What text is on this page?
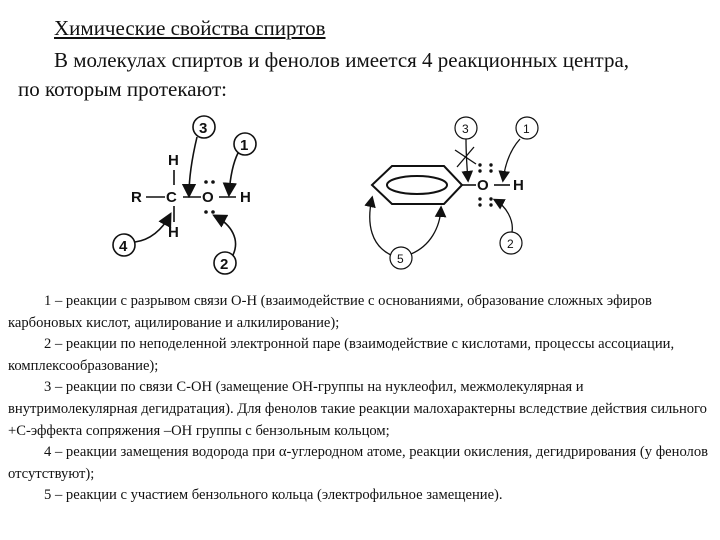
Химические свойства спиртов
В молекулах спиртов и фенолов имеется 4 реакционных центра,
по которым протекают:
R C
H
H
O H
3
1
4
2
O H
3	1
2
5

1 – реакции с разрывом связи О-Н (взаимодействие с основаниями, образование сложных эфиров карбоновых кислот, ацилирование и алкилирование);

2 – реакции по неподеленной электронной паре (взаимодействие с кислотами, процессы ассоциации, комплексообразование);

3 – реакции по связи С-ОН (замещение ОН-группы на нуклеофил, межмолекулярная и внутримолекулярная дегидратация). Для фенолов такие реакции малохарактерны вследствие действия сильного +С-эффекта сопряжения –ОН группы с бензольным кольцом;

4 – реакции замещения водорода при α-углеродном атоме, реакции окисления, дегидрирования (у фенолов отсутствуют);

5 – реакции с участием бензольного кольца (электрофильное замещение).
